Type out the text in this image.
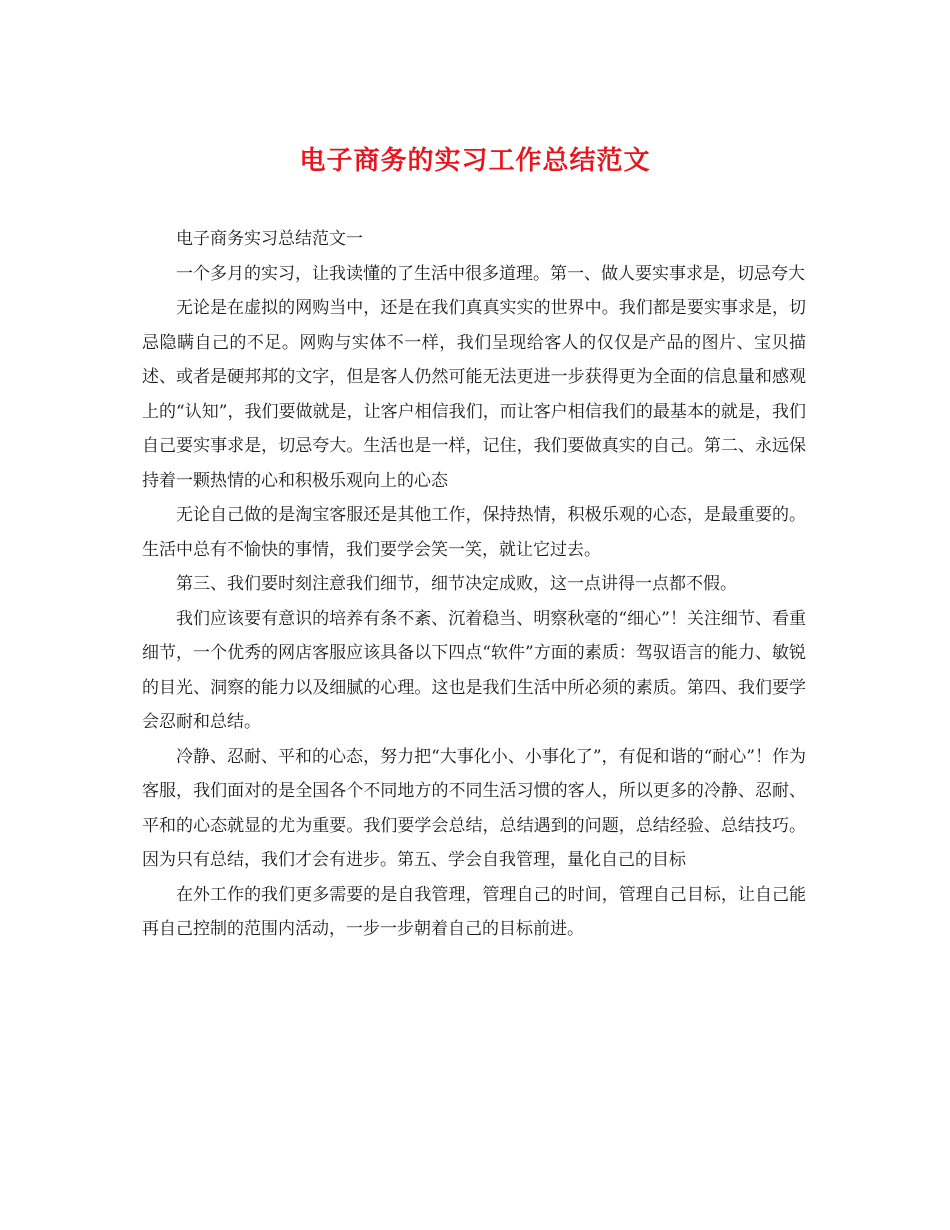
电子商务的实习工作总结范文

电子商务实习总结范文一

一个多月的实习，让我读懂的了生活中很多道理。第一、做人要实事求是，切忌夸大

无论是在虚拟的网购当中，还是在我们真真实实的世界中。我们都是要实事求是，切忌隐瞒自己的不足。网购与实体不一样，我们呈现给客人的仅仅是产品的图片、宝贝描述、或者是硬邦邦的文字，但是客人仍然可能无法更进一步获得更为全面的信息量和感观上的“认知”，我们要做就是，让客户相信我们，而让客户相信我们的最基本的就是，我们自己要实事求是，切忌夸大。生活也是一样，记住，我们要做真实的自己。第二、永远保持着一颗热情的心和积极乐观向上的心态

无论自己做的是淘宝客服还是其他工作，保持热情，积极乐观的心态，是最重要的。生活中总有不愉快的事情，我们要学会笑一笑，就让它过去。

第三、我们要时刻注意我们细节，细节决定成败，这一点讲得一点都不假。

我们应该要有意识的培养有条不紊、沉着稳当、明察秋毫的“细心”！关注细节、看重细节，一个优秀的网店客服应该具备以下四点“软件”方面的素质：驾驭语言的能力、敏锐的目光、洞察的能力以及细腻的心理。这也是我们生活中所必须的素质。第四、我们要学会忍耐和总结。

冷静、忍耐、平和的心态，努力把“大事化小、小事化了”，有促和谐的“耐心”！作为客服，我们面对的是全国各个不同地方的不同生活习惯的客人，所以更多的冷静、忍耐、平和的心态就显的尤为重要。我们要学会总结，总结遇到的问题，总结经验、总结技巧。因为只有总结，我们才会有进步。第五、学会自我管理，量化自己的目标

在外工作的我们更多需要的是自我管理，管理自己的时间，管理自己目标，让自己能再自己控制的范围内活动，一步一步朝着自己的目标前进。
